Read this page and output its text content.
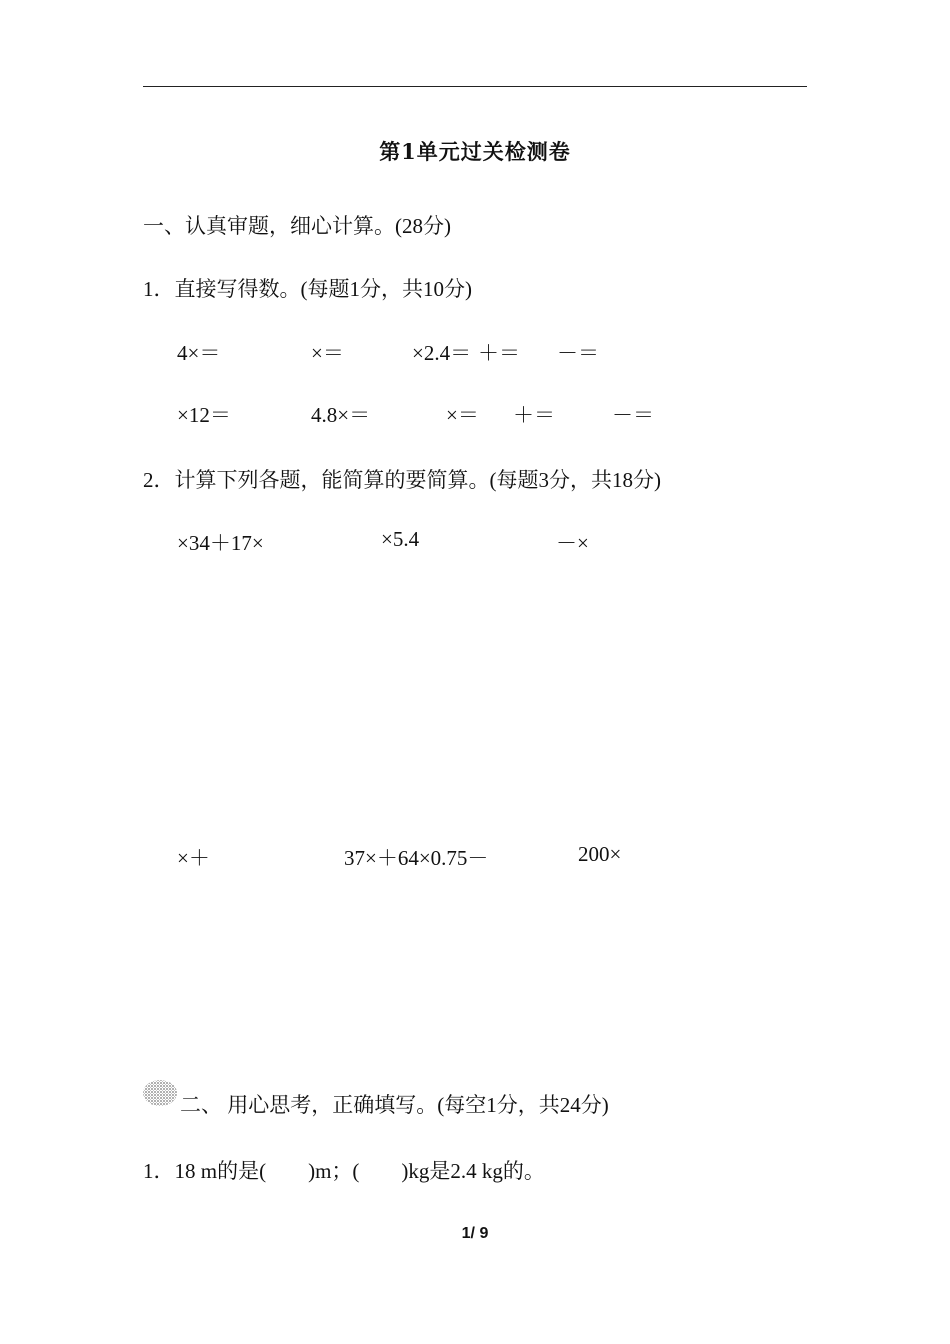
第1单元过关检测卷
一、认真审题，细心计算。(28分)
1．直接写得数。(每题1分，共10分)
4×＝	×＝	×2.4＝ ＋＝ －＝
×12＝	4.8×＝	×＝ ＋＝	－＝
2．计算下列各题，能简算的要简算。(每题3分，共18分)
×34＋17×	×5.4	－×
×＋	37×＋64×0.75－	200×
二、 用心思考，正确填写。(每空1分，共24分)
1．18 m的是(　　)m；(　　)kg是2.4 kg的。
1/ 9
